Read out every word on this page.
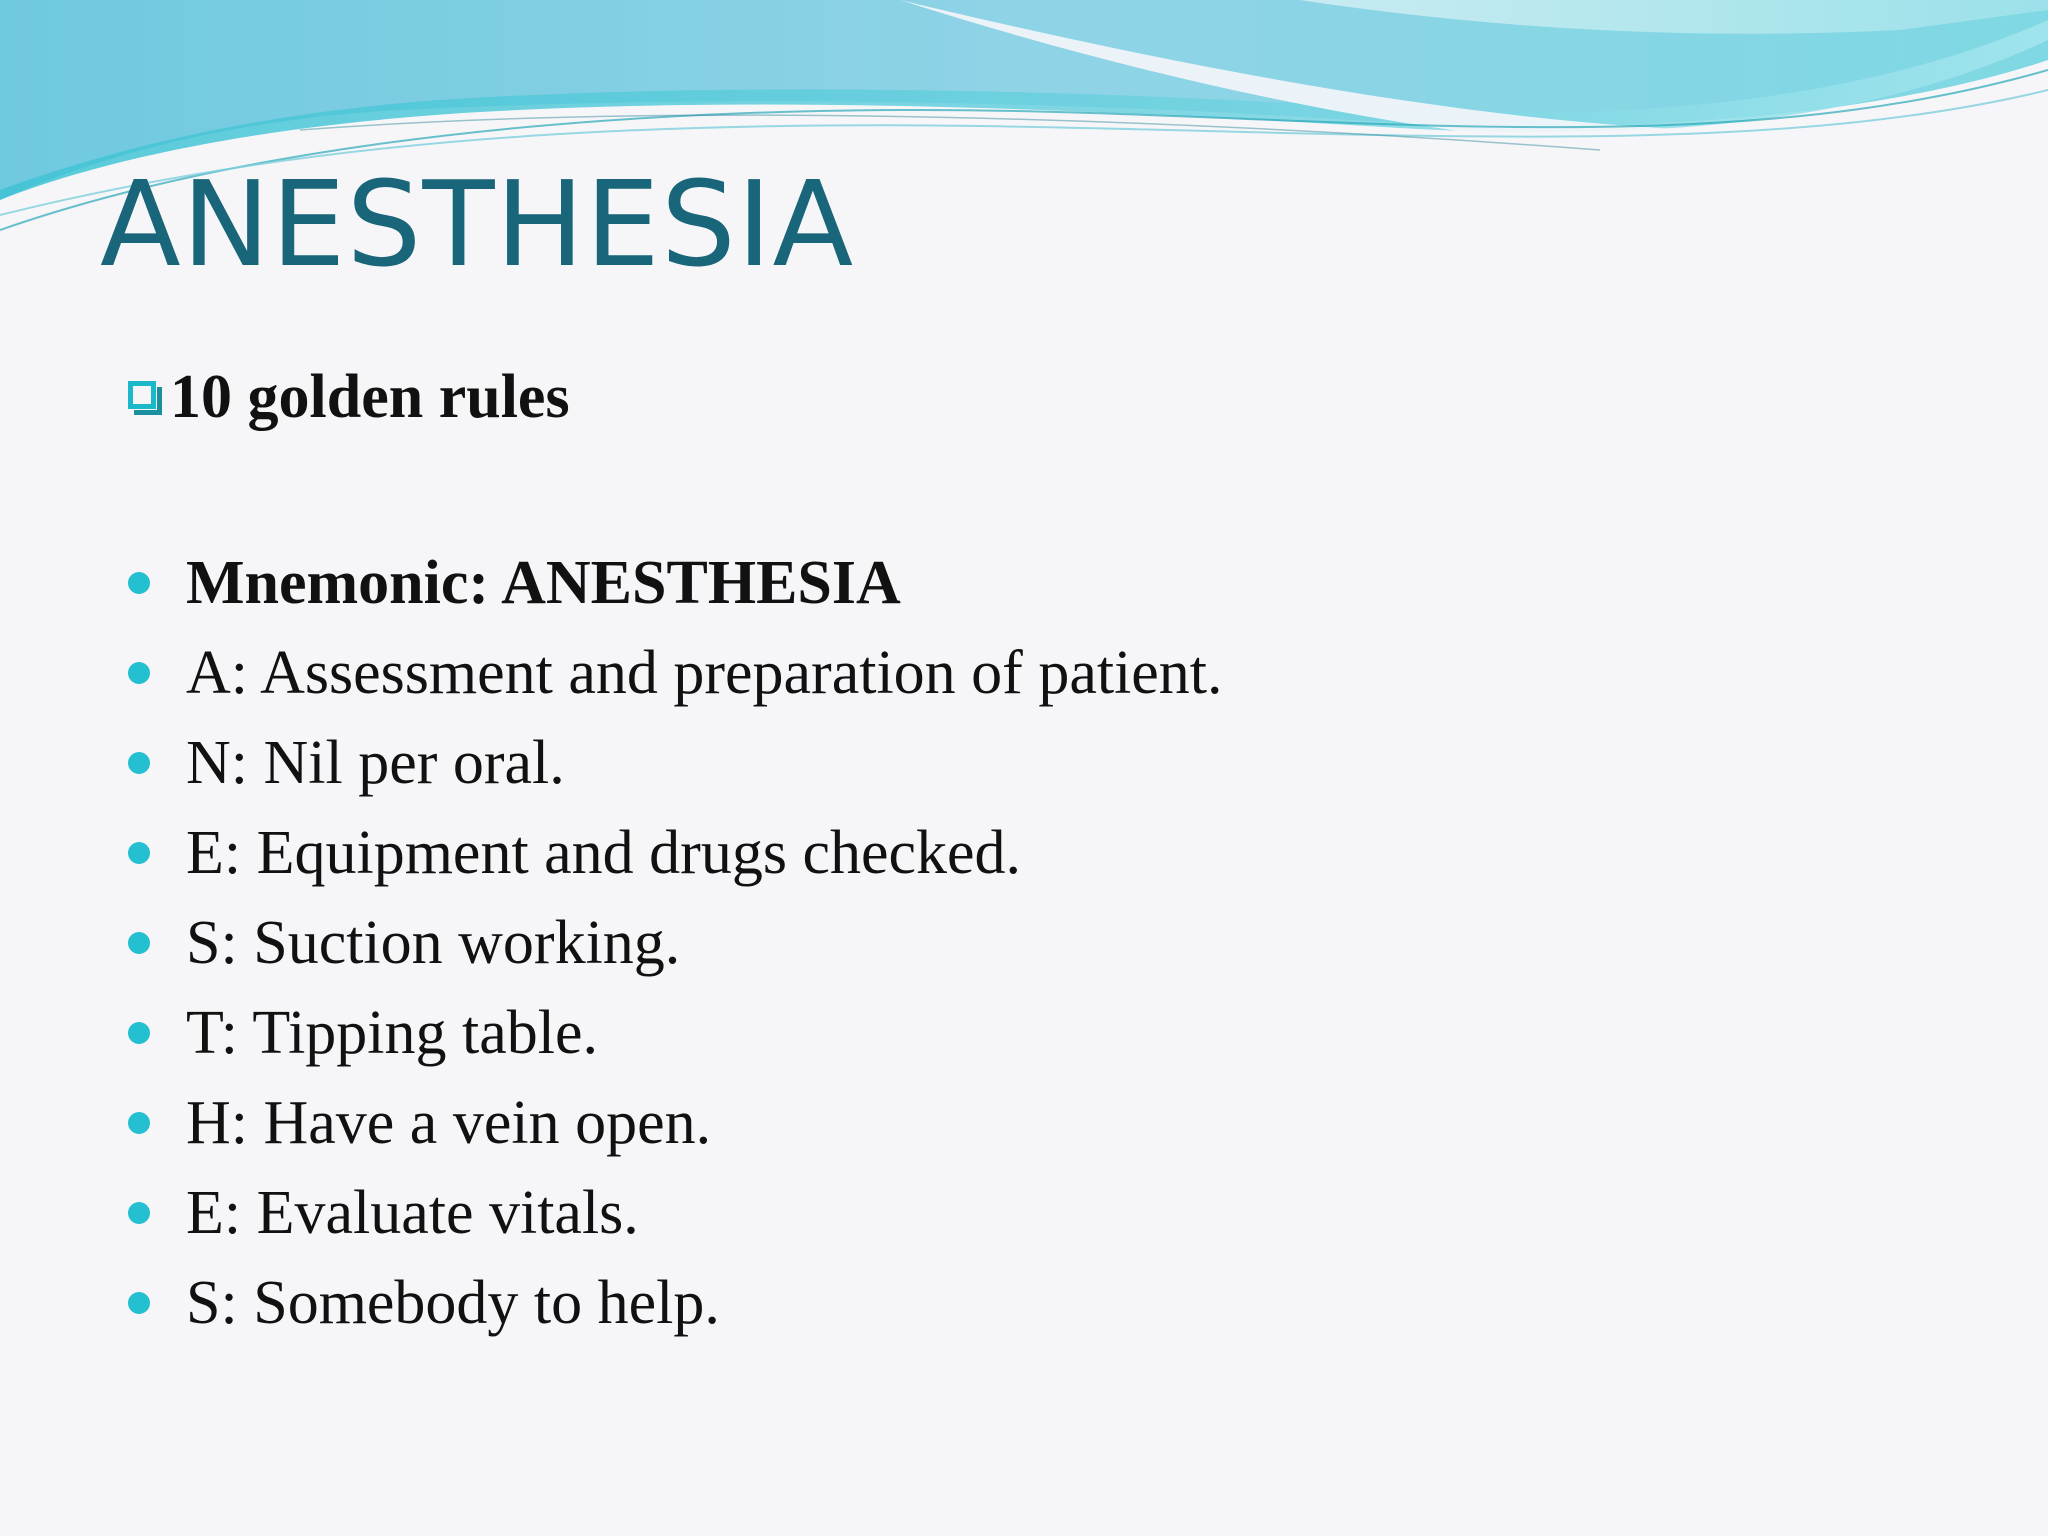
ANESTHESIA
10 golden rules
Mnemonic: ANESTHESIA
A: Assessment and preparation of patient.
N: Nil per oral.
E: Equipment and drugs checked.
S: Suction working.
T: Tipping table.
H: Have a vein open.
E: Evaluate vitals.
S: Somebody to help.
